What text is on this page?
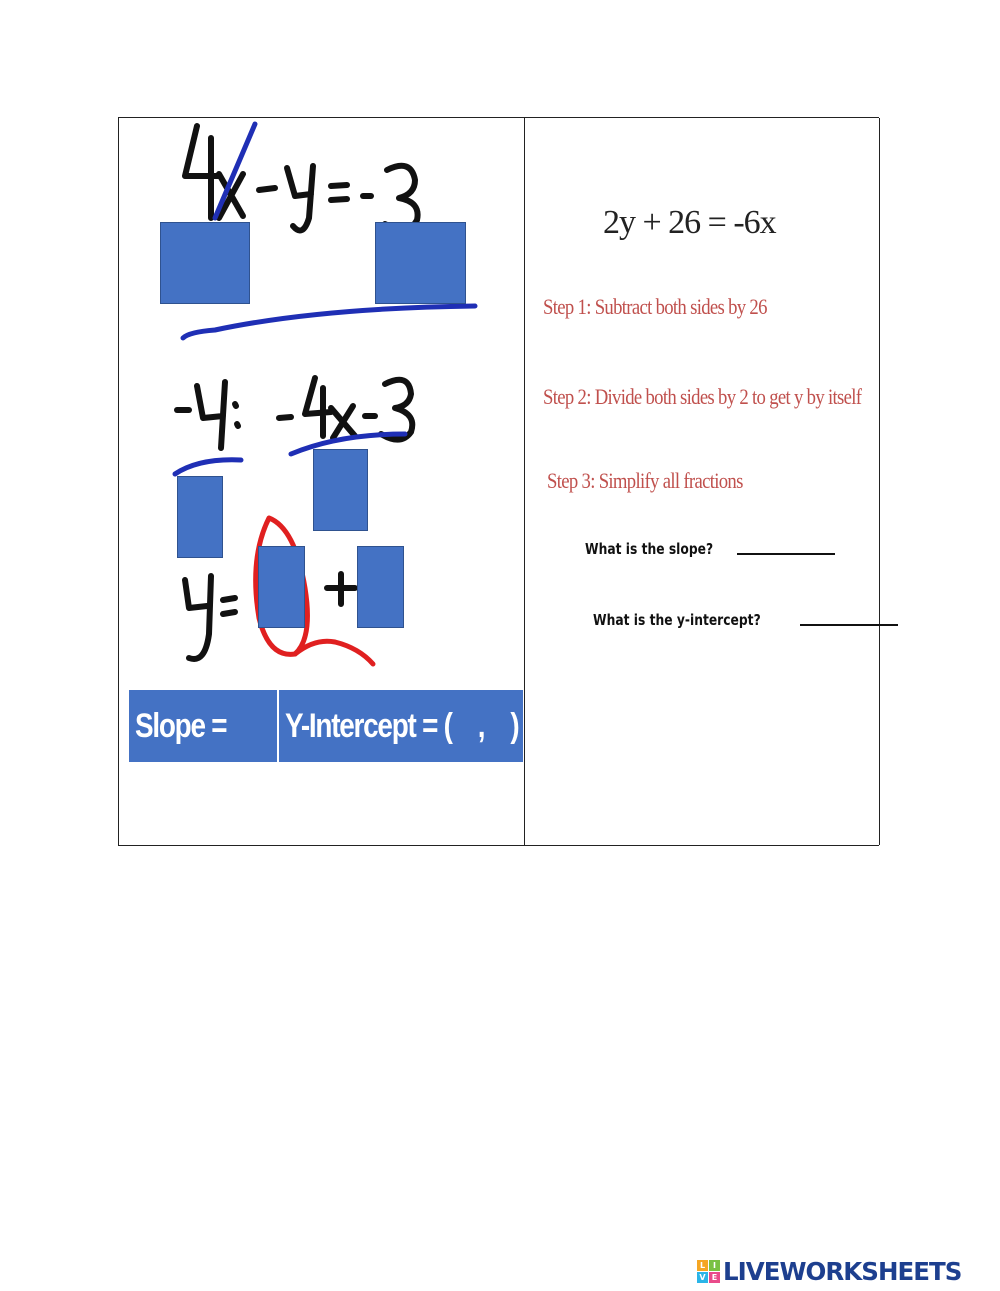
Slope = Y-Intercept = (    ,    )
2y + 26 = -6x
Step 1: Subtract both sides by 26
Step 2: Divide both sides by 2 to get y by itself
Step 3: Simplify all fractions
What is the slope?
What is the y-intercept?
L I
V E LIVEWORKSHEETS
